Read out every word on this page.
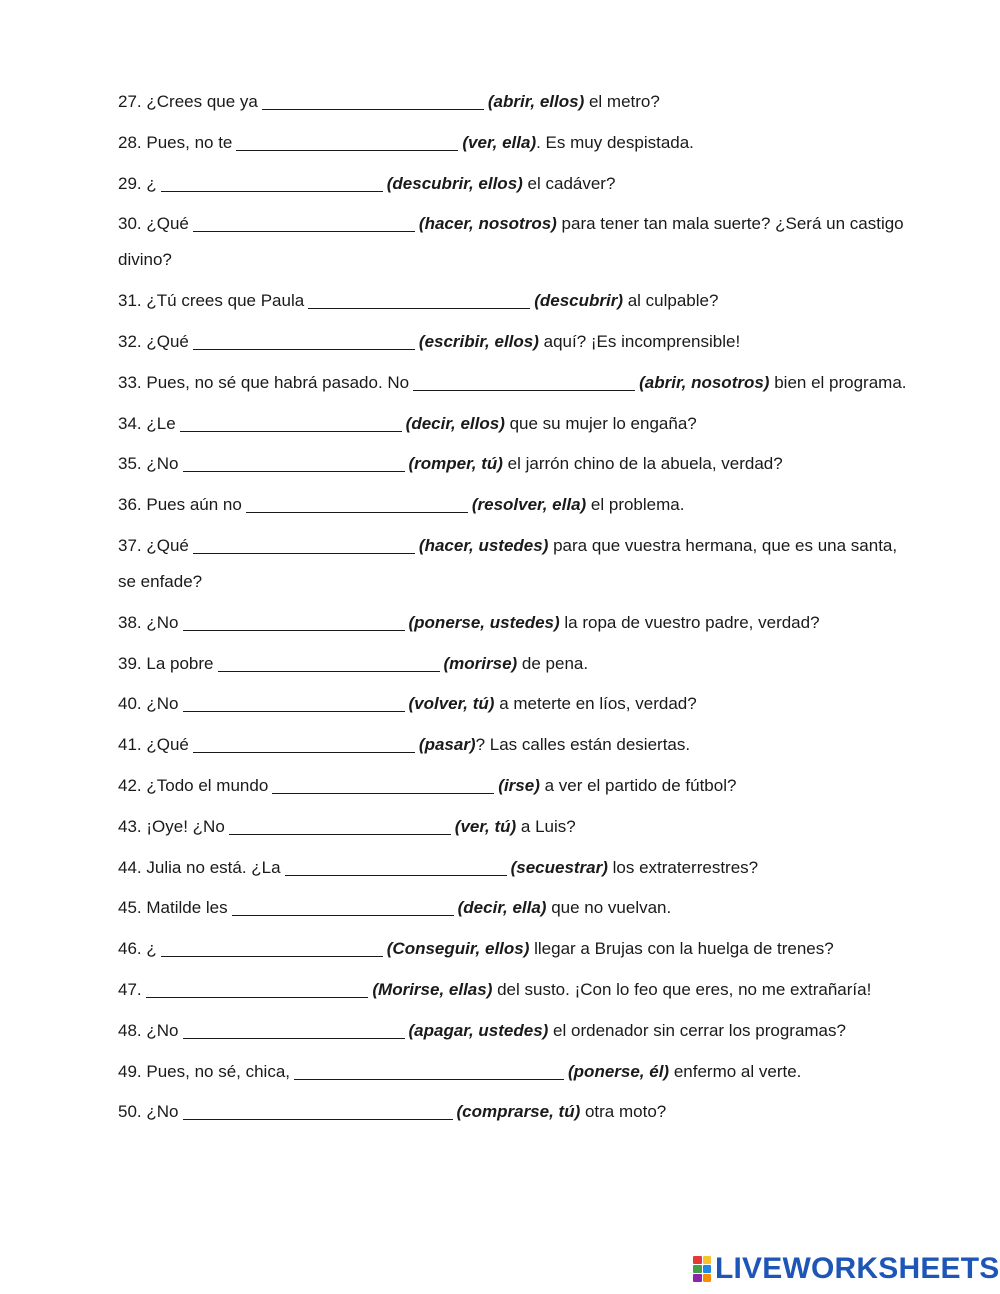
27. ¿Crees que ya	(abrir, ellos) el metro?
28. Pues, no te	(ver, ella). Es muy despistada.
29. ¿	(descubrir, ellos) el cadáver?
30. ¿Qué	(hacer, nosotros) para tener tan mala suerte? ¿Será un castigo divino?
31. ¿Tú crees que Paula	(descubrir) al culpable?
32. ¿Qué	(escribir, ellos) aquí? ¡Es incomprensible!
33. Pues, no sé que habrá pasado. No	(abrir, nosotros) bien el programa.
34. ¿Le	(decir, ellos) que su mujer lo engaña?
35. ¿No	(romper, tú) el jarrón chino de la abuela, verdad?
36. Pues aún no	(resolver, ella) el problema.
37. ¿Qué	(hacer, ustedes) para que vuestra hermana, que es una santa, se enfade?
38. ¿No	(ponerse, ustedes) la ropa de vuestro padre, verdad?
39. La pobre	(morirse) de pena.
40. ¿No	(volver, tú) a meterte en líos, verdad?
41. ¿Qué	(pasar)? Las calles están desiertas.
42. ¿Todo el mundo	(irse) a ver el partido de fútbol?
43. ¡Oye! ¿No	(ver, tú) a Luis?
44. Julia no está. ¿La	(secuestrar) los extraterrestres?
45. Matilde les	(decir, ella) que no vuelvan.
46. ¿	(Conseguir, ellos) llegar a Brujas con la huelga de trenes?
47.	(Morirse, ellas) del susto. ¡Con lo feo que eres, no me extrañaría!
48. ¿No	(apagar, ustedes) el ordenador sin cerrar los programas?
49. Pues, no sé, chica,	(ponerse, él) enfermo al verte.
50. ¿No	(comprarse, tú) otra moto?
LIVEWORKSHEETS
